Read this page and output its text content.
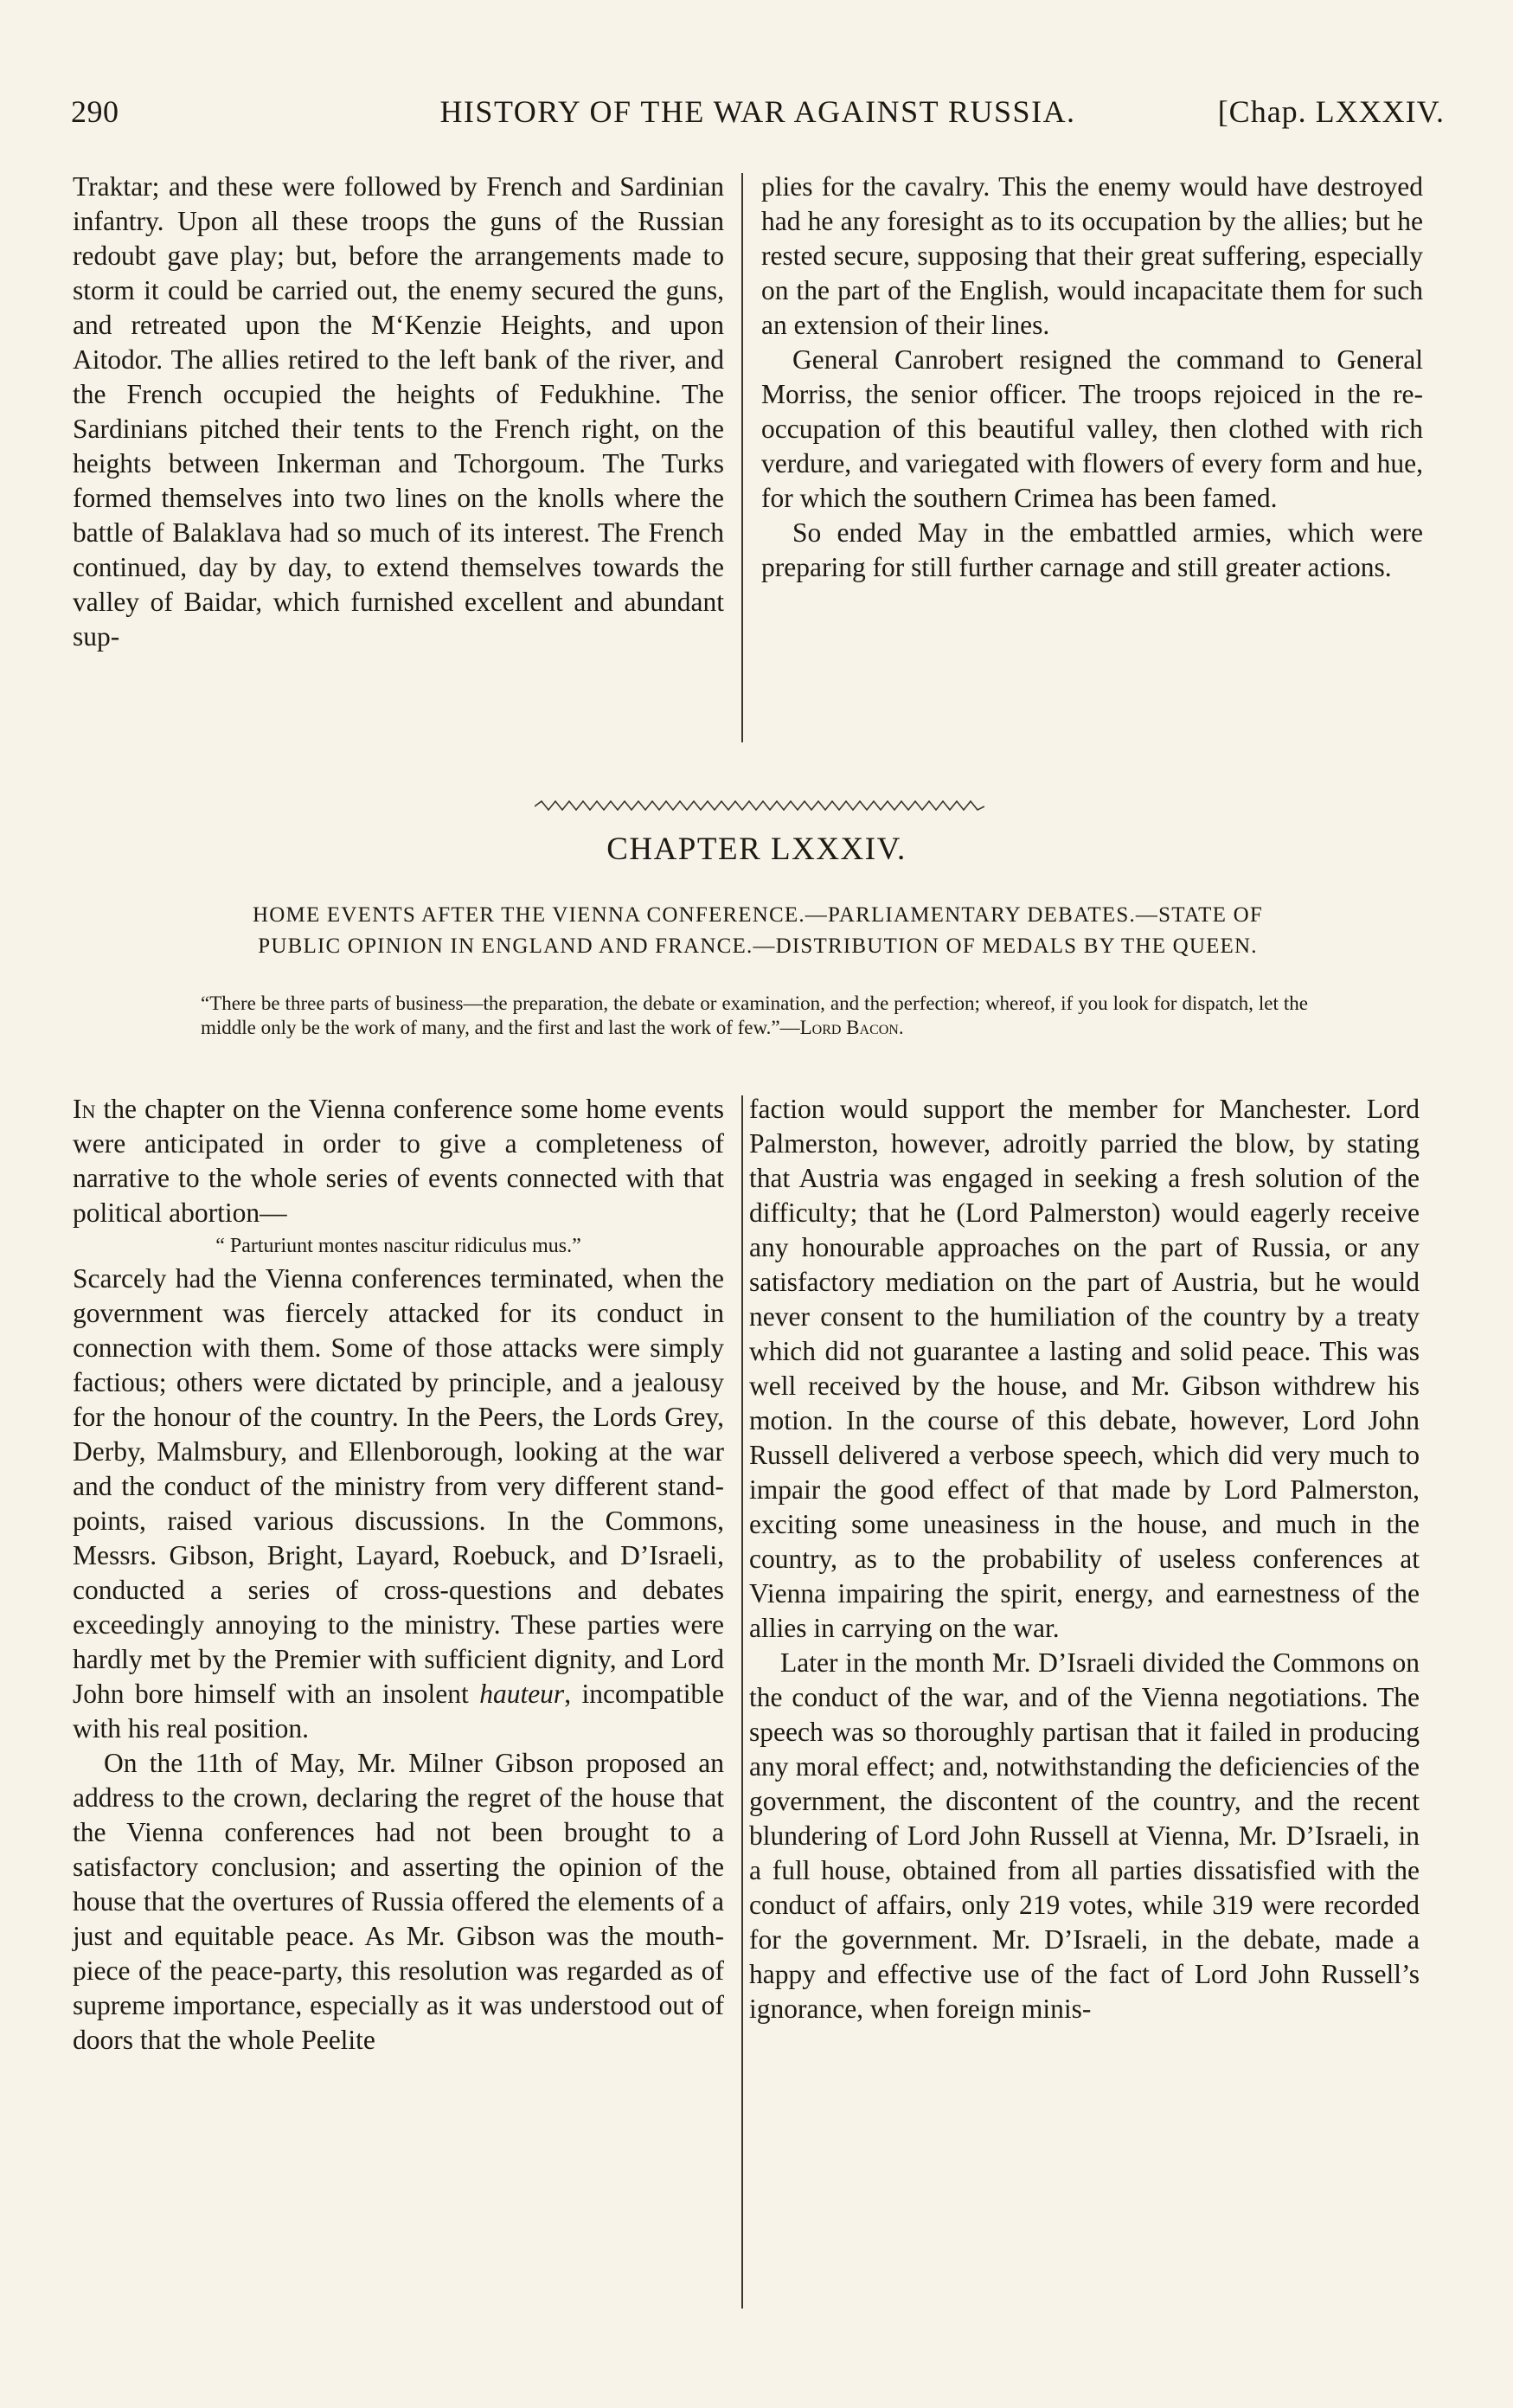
290	HISTORY OF THE WAR AGAINST RUSSIA.	[Chap. LXXXIV.

Traktar; and these were followed by French and Sardinian infantry. Upon all these troops the guns of the Russian redoubt gave play; but, before the arrangements made to storm it could be carried out, the enemy secured the guns, and retreated upon the M‘Kenzie Heights, and upon Aitodor. The allies retired to the left bank of the river, and the French occupied the heights of Fedukhine. The Sardinians pitched their tents to the French right, on the heights between Inkerman and Tchorgoum. The Turks formed themselves into two lines on the knolls where the battle of Balaklava had so much of its interest. The French continued, day by day, to extend themselves towards the valley of Baidar, which furnished excellent and abundant sup-

plies for the cavalry. This the enemy would have destroyed had he any foresight as to its occupation by the allies; but he rested secure, supposing that their great suffering, especially on the part of the English, would incapacitate them for such an extension of their lines.

General Canrobert resigned the command to General Morriss, the senior officer. The troops rejoiced in the re-occupation of this beautiful valley, then clothed with rich verdure, and variegated with flowers of every form and hue, for which the southern Crimea has been famed.

So ended May in the embattled armies, which were preparing for still further carnage and still greater actions.

CHAPTER LXXXIV.
HOME EVENTS AFTER THE VIENNA CONFERENCE.—PARLIAMENTARY DEBATES.—STATE OF
PUBLIC OPINION IN ENGLAND AND FRANCE.—DISTRIBUTION OF MEDALS BY THE QUEEN.
“There be three parts of business—the preparation, the debate or examination, and the perfection; whereof, if you look for dispatch, let the middle only be the work of many, and the first and last the work of few.”—Lord Bacon.

In the chapter on the Vienna conference some home events were anticipated in order to give a completeness of narrative to the whole series of events connected with that political abortion—

“ Parturiunt montes nascitur ridiculus mus.”

Scarcely had the Vienna conferences terminated, when the government was fiercely attacked for its conduct in connection with them. Some of those attacks were simply factious; others were dictated by principle, and a jealousy for the honour of the country. In the Peers, the Lords Grey, Derby, Malmsbury, and Ellenborough, looking at the war and the conduct of the ministry from very different stand-points, raised various discussions. In the Commons, Messrs. Gibson, Bright, Layard, Roebuck, and D’Israeli, conducted a series of cross-questions and debates exceedingly annoying to the ministry. These parties were hardly met by the Premier with sufficient dignity, and Lord John bore himself with an insolent hauteur, incompatible with his real position.

On the 11th of May, Mr. Milner Gibson proposed an address to the crown, declaring the regret of the house that the Vienna conferences had not been brought to a satisfactory conclusion; and asserting the opinion of the house that the overtures of Russia offered the elements of a just and equitable peace. As Mr. Gibson was the mouth-piece of the peace-party, this resolution was regarded as of supreme importance, especially as it was understood out of doors that the whole Peelite

faction would support the member for Manchester. Lord Palmerston, however, adroitly parried the blow, by stating that Austria was engaged in seeking a fresh solution of the difficulty; that he (Lord Palmerston) would eagerly receive any honourable approaches on the part of Russia, or any satisfactory mediation on the part of Austria, but he would never consent to the humiliation of the country by a treaty which did not guarantee a lasting and solid peace. This was well received by the house, and Mr. Gibson withdrew his motion. In the course of this debate, however, Lord John Russell delivered a verbose speech, which did very much to impair the good effect of that made by Lord Palmerston, exciting some uneasiness in the house, and much in the country, as to the probability of useless conferences at Vienna impairing the spirit, energy, and earnestness of the allies in carrying on the war.

Later in the month Mr. D’Israeli divided the Commons on the conduct of the war, and of the Vienna negotiations. The speech was so thoroughly partisan that it failed in producing any moral effect; and, notwithstanding the deficiencies of the government, the discontent of the country, and the recent blundering of Lord John Russell at Vienna, Mr. D’Israeli, in a full house, obtained from all parties dissatisfied with the conduct of affairs, only 219 votes, while 319 were recorded for the government. Mr. D’Israeli, in the debate, made a happy and effective use of the fact of Lord John Russell’s ignorance, when foreign minis-
